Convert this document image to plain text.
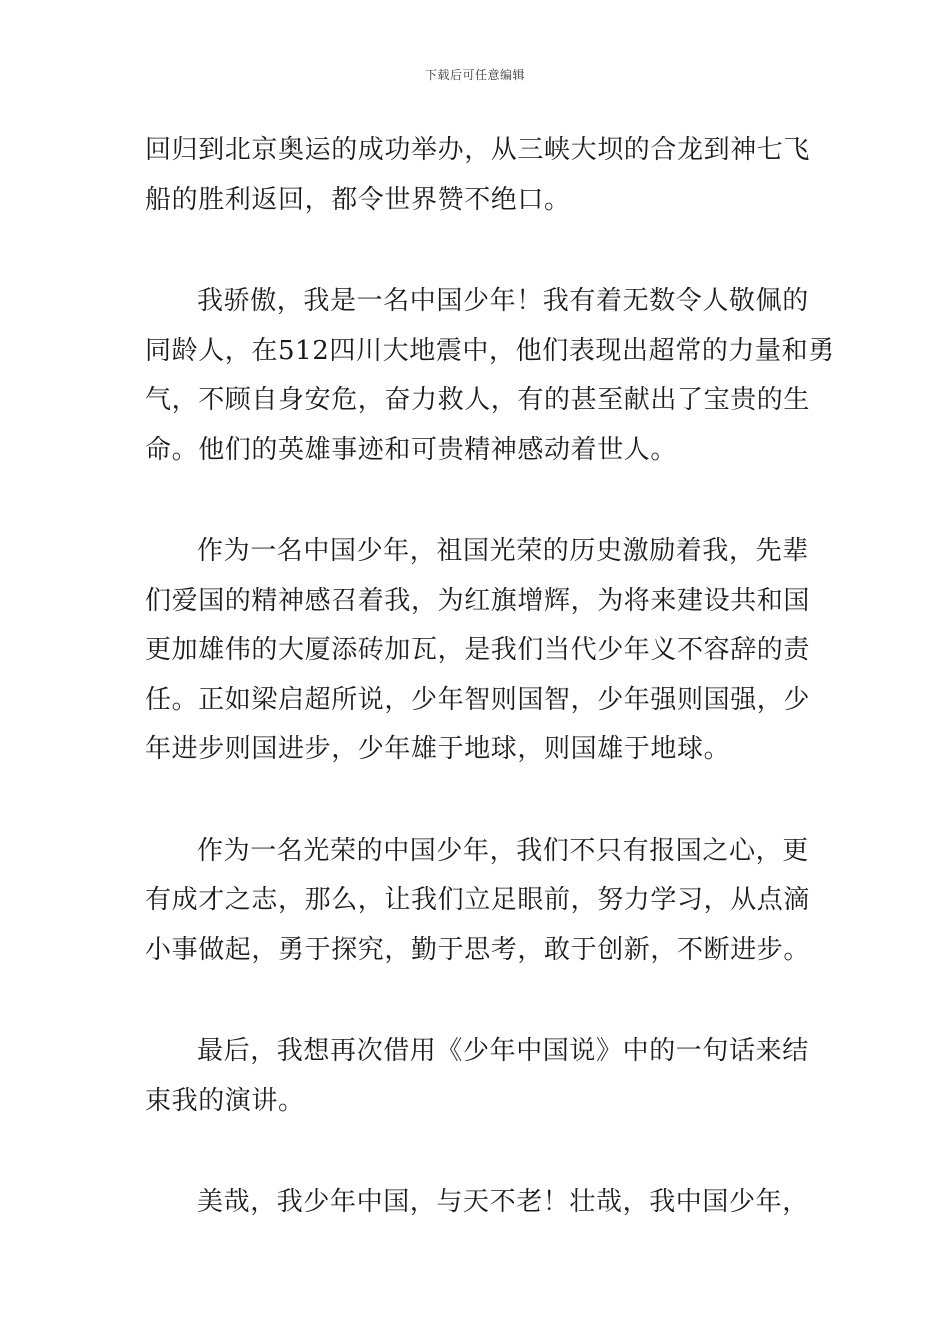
下载后可任意编辑

回归到北京奥运的成功举办，从三峡大坝的合龙到神七飞
船的胜利返回，都令世界赞不绝口。

我骄傲，我是一名中国少年！我有着无数令人敬佩的
同龄人，在512四川大地震中，他们表现出超常的力量和勇
气，不顾自身安危，奋力救人，有的甚至献出了宝贵的生
命。他们的英雄事迹和可贵精神感动着世人。

作为一名中国少年，祖国光荣的历史激励着我，先辈
们爱国的精神感召着我，为红旗增辉，为将来建设共和国
更加雄伟的大厦添砖加瓦，是我们当代少年义不容辞的责
任。正如梁启超所说，少年智则国智，少年强则国强，少
年进步则国进步，少年雄于地球，则国雄于地球。

作为一名光荣的中国少年，我们不只有报国之心，更
有成才之志，那么，让我们立足眼前，努力学习，从点滴
小事做起，勇于探究，勤于思考，敢于创新，不断进步。

最后，我想再次借用《少年中国说》中的一句话来结
束我的演讲。

美哉，我少年中国，与天不老！壮哉，我中国少年，
